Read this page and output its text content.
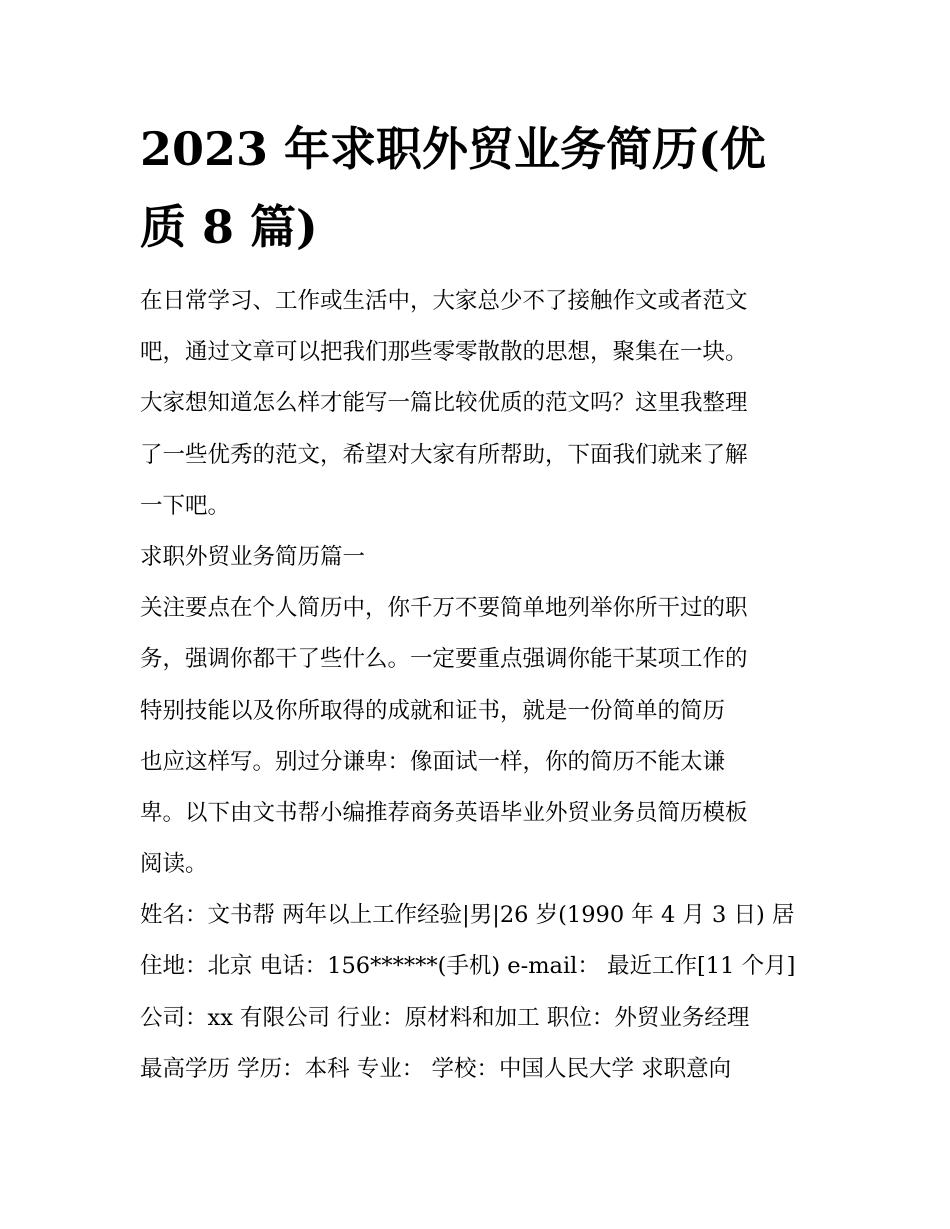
2023 年求职外贸业务简历(优
质 8 篇)
在日常学习、工作或生活中，大家总少不了接触作文或者范文
吧，通过文章可以把我们那些零零散散的思想，聚集在一块。
大家想知道怎么样才能写一篇比较优质的范文吗？这里我整理
了一些优秀的范文，希望对大家有所帮助，下面我们就来了解
一下吧。
求职外贸业务简历篇一
关注要点在个人简历中，你千万不要简单地列举你所干过的职
务，强调你都干了些什么。一定要重点强调你能干某项工作的
特别技能以及你所取得的成就和证书，就是一份简单的简历
也应这样写。别过分谦卑：像面试一样，你的简历不能太谦
卑。以下由文书帮小编推荐商务英语毕业外贸业务员简历模板
阅读。
姓名：文书帮 两年以上工作经验|男|26 岁(1990 年 4 月 3 日) 居
住地：北京 电话：156******(手机) e-mail： 最近工作[11 个月]
公司：xx 有限公司 行业：原材料和加工 职位：外贸业务经理
最高学历 学历：本科 专业： 学校：中国人民大学 求职意向
